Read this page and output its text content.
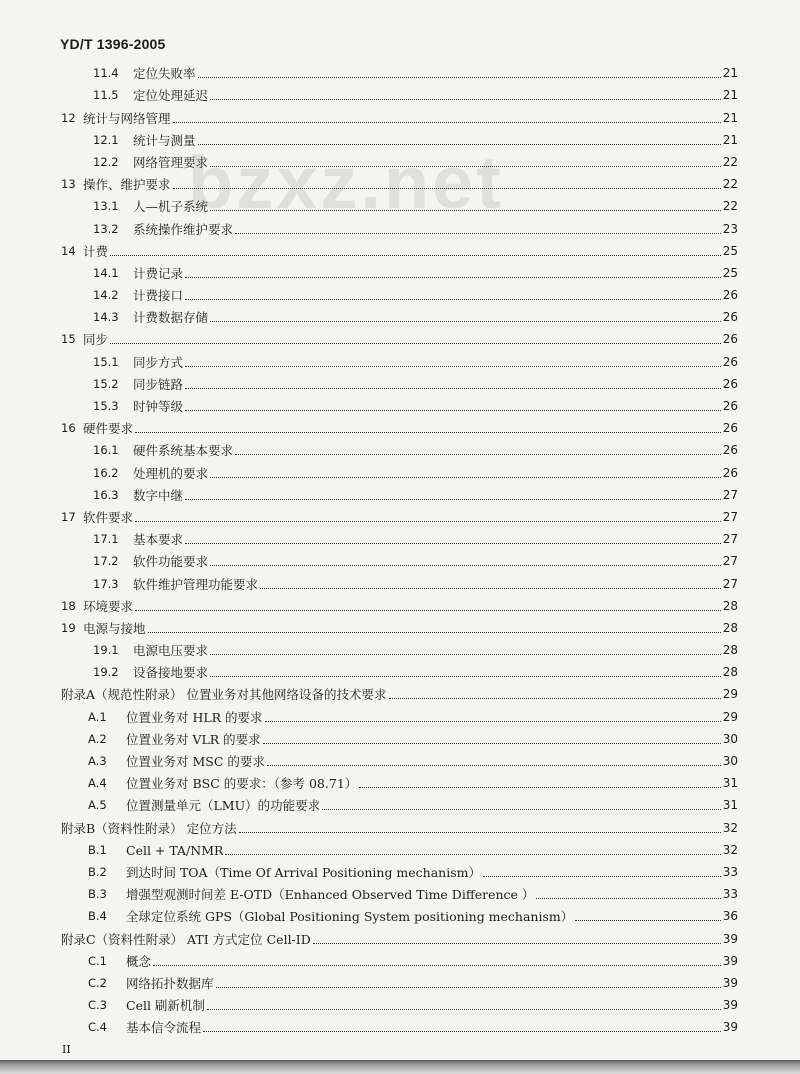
YD/T 1396-2005
bzxz.net
11.4	定位失败率	21
11.5	定位处理延迟	21
12 统计与网络管理	21
12.1	统计与测量	21
12.2	网络管理要求	22
13 操作、维护要求	22
13.1	人—机子系统	22
13.2	系统操作维护要求	23
14 计费	25
14.1	计费记录	25
14.2	计费接口	26
14.3	计费数据存储	26
15 同步	26
15.1	同步方式	26
15.2	同步链路	26
15.3	时钟等级	26
16 硬件要求	26
16.1	硬件系统基本要求	26
16.2	处理机的要求	26
16.3	数字中继	27
17 软件要求	27
17.1	基本要求	27
17.2	软件功能要求	27
17.3	软件维护管理功能要求	27
18 环境要求	28
19 电源与接地	28
19.1	电源电压要求	28
19.2	设备接地要求	28
附录A（规范性附录） 位置业务对其他网络设备的技术要求	29
A.1	位置业务对 HLR 的要求	29
A.2	位置业务对 VLR 的要求	30
A.3	位置业务对 MSC 的要求	30
A.4	位置业务对 BSC 的要求：（参考 08.71）	31
A.5	位置测量单元（LMU）的功能要求	31
附录B（资料性附录） 定位方法	32
B.1	Cell + TA/NMR	32
B.2	到达时间 TOA（Time Of Arrival Positioning mechanism）	33
B.3	增强型观测时间差 E-OTD（Enhanced Observed Time Difference ）	33
B.4	全球定位系统 GPS（Global Positioning System positioning mechanism）	36
附录C（资料性附录） ATI 方式定位 Cell-ID	39
C.1	概念	39
C.2	网络拓扑数据库	39
C.3	Cell 刷新机制	39
C.4	基本信令流程	39
II
